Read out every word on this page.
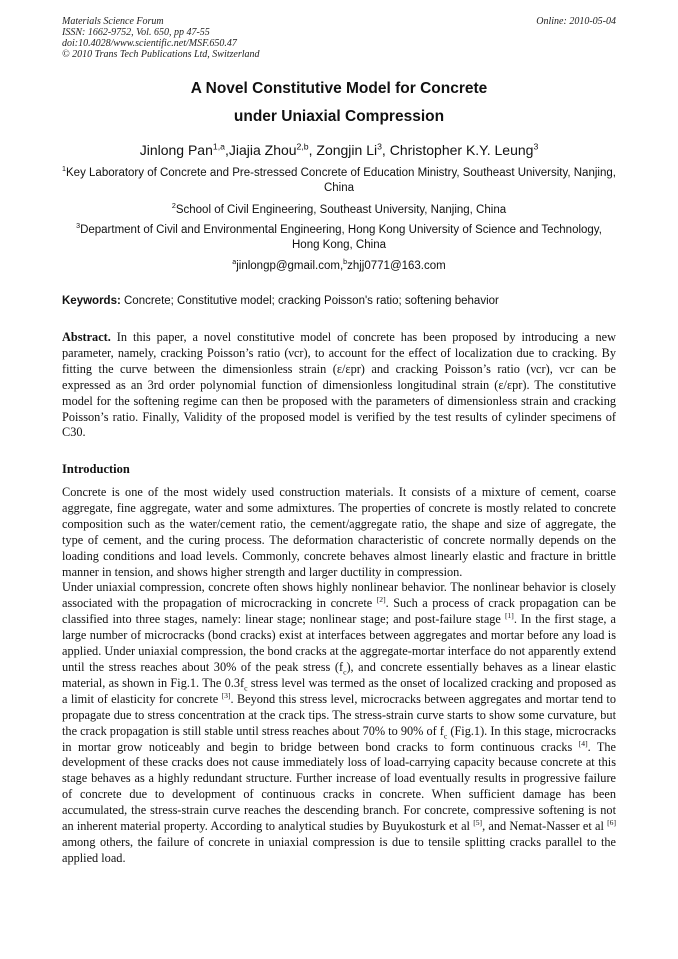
Materials Science Forum
ISSN: 1662-9752, Vol. 650, pp 47-55
doi:10.4028/www.scientific.net/MSF.650.47
© 2010 Trans Tech Publications Ltd, Switzerland
Online: 2010-05-04
A Novel Constitutive Model for Concrete
under Uniaxial Compression
Jinlong Pan$^{1,a}$,Jiajia Zhou$^{2,b}$, Zongjin Li$^3$, Christopher K.Y. Leung$^3$
$^1$Key Laboratory of Concrete and Pre-stressed Concrete of Education Ministry, Southeast University, Nanjing, China
$^2$School of Civil Engineering, Southeast University, Nanjing, China
$^3$Department of Civil and Environmental Engineering, Hong Kong University of Science and Technology, Hong Kong, China
$^a$jinlongp@gmail.com,$^b$zhjj0771@163.com
Keywords: Concrete; Constitutive model; cracking Poisson's ratio; softening behavior

Abstract. In this paper, a novel constitutive model of concrete has been proposed by introducing a new parameter, namely, cracking Poisson’s ratio (νcr), to account for the effect of localization due to cracking. By fitting the curve between the dimensionless strain (ε/εpr) and cracking Poisson’s ratio (νcr), νcr can be expressed as an 3rd order polynomial function of dimensionless longitudinal strain (ε/εpr). The constitutive model for the softening regime can then be proposed with the parameters of dimensionless strain and cracking Poisson’s ratio. Finally, Validity of the proposed model is verified by the test results of cylinder specimens of C30.

Introduction

Concrete is one of the most widely used construction materials. It consists of a mixture of cement, coarse aggregate, fine aggregate, water and some admixtures. The properties of concrete is mostly related to concrete composition such as the water/cement ratio, the cement/aggregate ratio, the shape and size of aggregate, the type of cement, and the curing process. The deformation characteristic of concrete normally depends on the loading conditions and load levels. Commonly, concrete behaves almost linearly elastic and fracture in brittle manner in tension, and shows higher strength and larger ductility in compression.

Under uniaxial compression, concrete often shows highly nonlinear behavior. The nonlinear behavior is closely associated with the propagation of microcracking in concrete [2]. Such a process of crack propagation can be classified into three stages, namely: linear stage; nonlinear stage; and post-failure stage [1]. In the first stage, a large number of microcracks (bond cracks) exist at interfaces between aggregates and mortar before any load is applied. Under uniaxial compression, the bond cracks at the aggregate-mortar interface do not apparently extend until the stress reaches about 30% of the peak stress $(f_c)$, and concrete essentially behaves as a linear elastic material, as shown in Fig.1. The $0.3f_c$ stress level was termed as the onset of localized cracking and proposed as a limit of elasticity for concrete [3]. Beyond this stress level, microcracks between aggregates and mortar tend to propagate due to stress concentration at the crack tips. The stress-strain curve starts to show some curvature, but the crack propagation is still stable until stress reaches about 70% to 90% of $f_c$ (Fig.1). In this stage, microcracks in mortar grow noticeably and begin to bridge between bond cracks to form continuous cracks [4]. The development of these cracks does not cause immediately loss of load-carrying capacity because concrete at this stage behaves as a highly redundant structure. Further increase of load eventually results in progressive failure of concrete due to development of continuous cracks in concrete. When sufficient damage has been accumulated, the stress-strain curve reaches the descending branch. For concrete, compressive softening is not an inherent material property. According to analytical studies by Buyukosturk et al [5], and Nemat-Nasser et al [6] among others, the failure of concrete in uniaxial compression is due to tensile splitting cracks parallel to the applied load.
